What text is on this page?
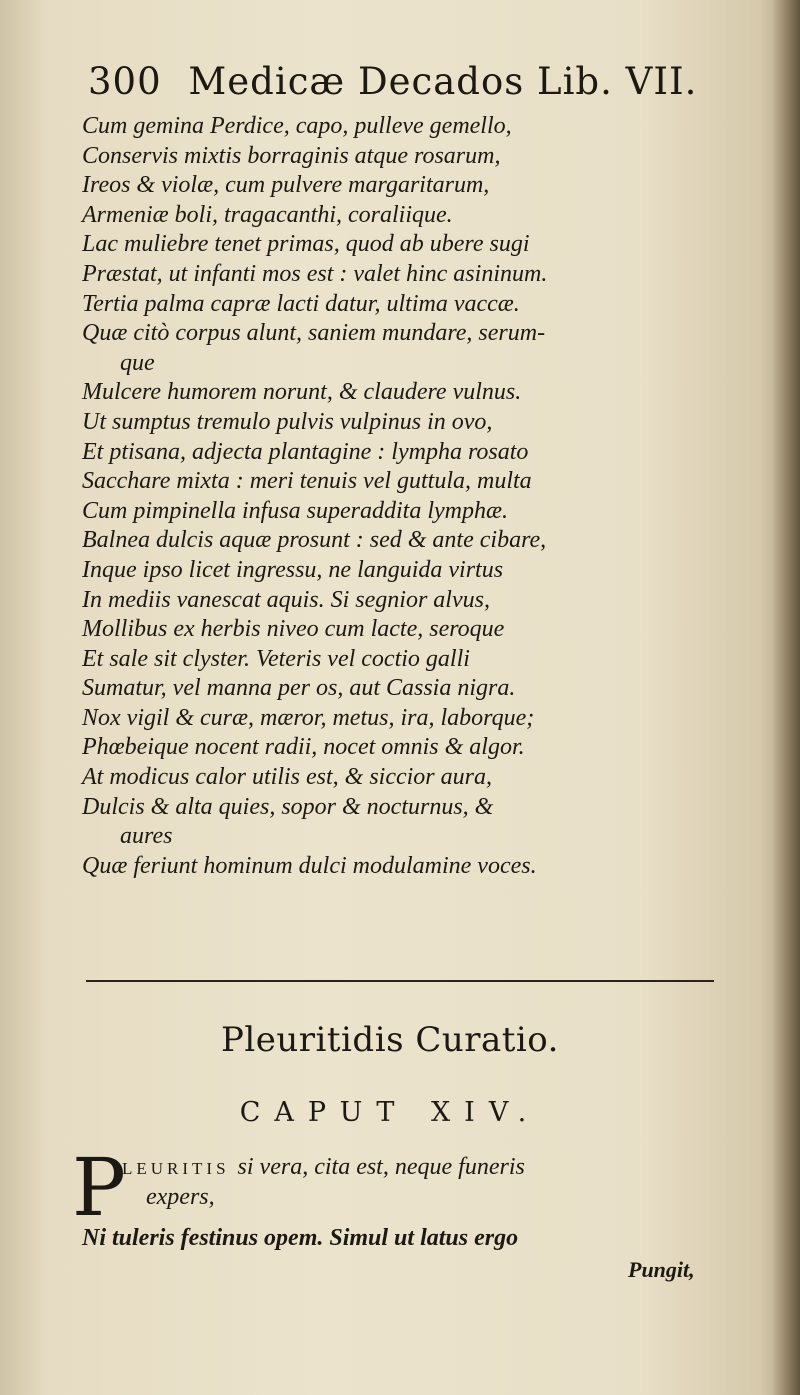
300 Medicæ Decados Lib. VII.
Cum gemina Perdice, capo, pulleve gemello,
Conservis mixtis borraginis atque rosarum,
Ireos & violæ, cum pulvere margaritarum,
Armeniæ boli, tragacanthi, coraliique.
Lac muliebre tenet primas, quod ab ubere sugi
Præstat, ut infanti mos est : valet hinc asininum.
Tertia palma capræ lacti datur, ultima vaccæ.
Quæ citò corpus alunt, saniem mundare, serum-
que
Mulcere humorem norunt, & claudere vulnus.
Ut sumptus tremulo pulvis vulpinus in ovo,
Et ptisana, adjecta plantagine : lympha rosato
Sacchare mixta : meri tenuis vel guttula, multa
Cum pimpinella infusa superaddita lymphæ.
Balnea dulcis aquæ prosunt : sed & ante cibare,
Inque ipso licet ingressu, ne languida virtus
In mediis vanescat aquis. Si segnior alvus,
Mollibus ex herbis niveo cum lacte, seroque
Et sale sit clyster. Veteris vel coctio galli
Sumatur, vel manna per os, aut Cassia nigra.
Nox vigil & curæ, mæror, metus, ira, laborque;
Phœbeique nocent radii, nocet omnis & algor.
At modicus calor utilis est, & siccior aura,
Dulcis & alta quies, sopor & nocturnus, &
aures
Quæ feriunt hominum dulci modulamine voces.
Pleuritidis Curatio.
CAPUT XIV.
P
leuritis si vera, cita est, neque funeris
expers,
Ni tuleris festinus opem. Simul ut latus ergo
Pungit,
